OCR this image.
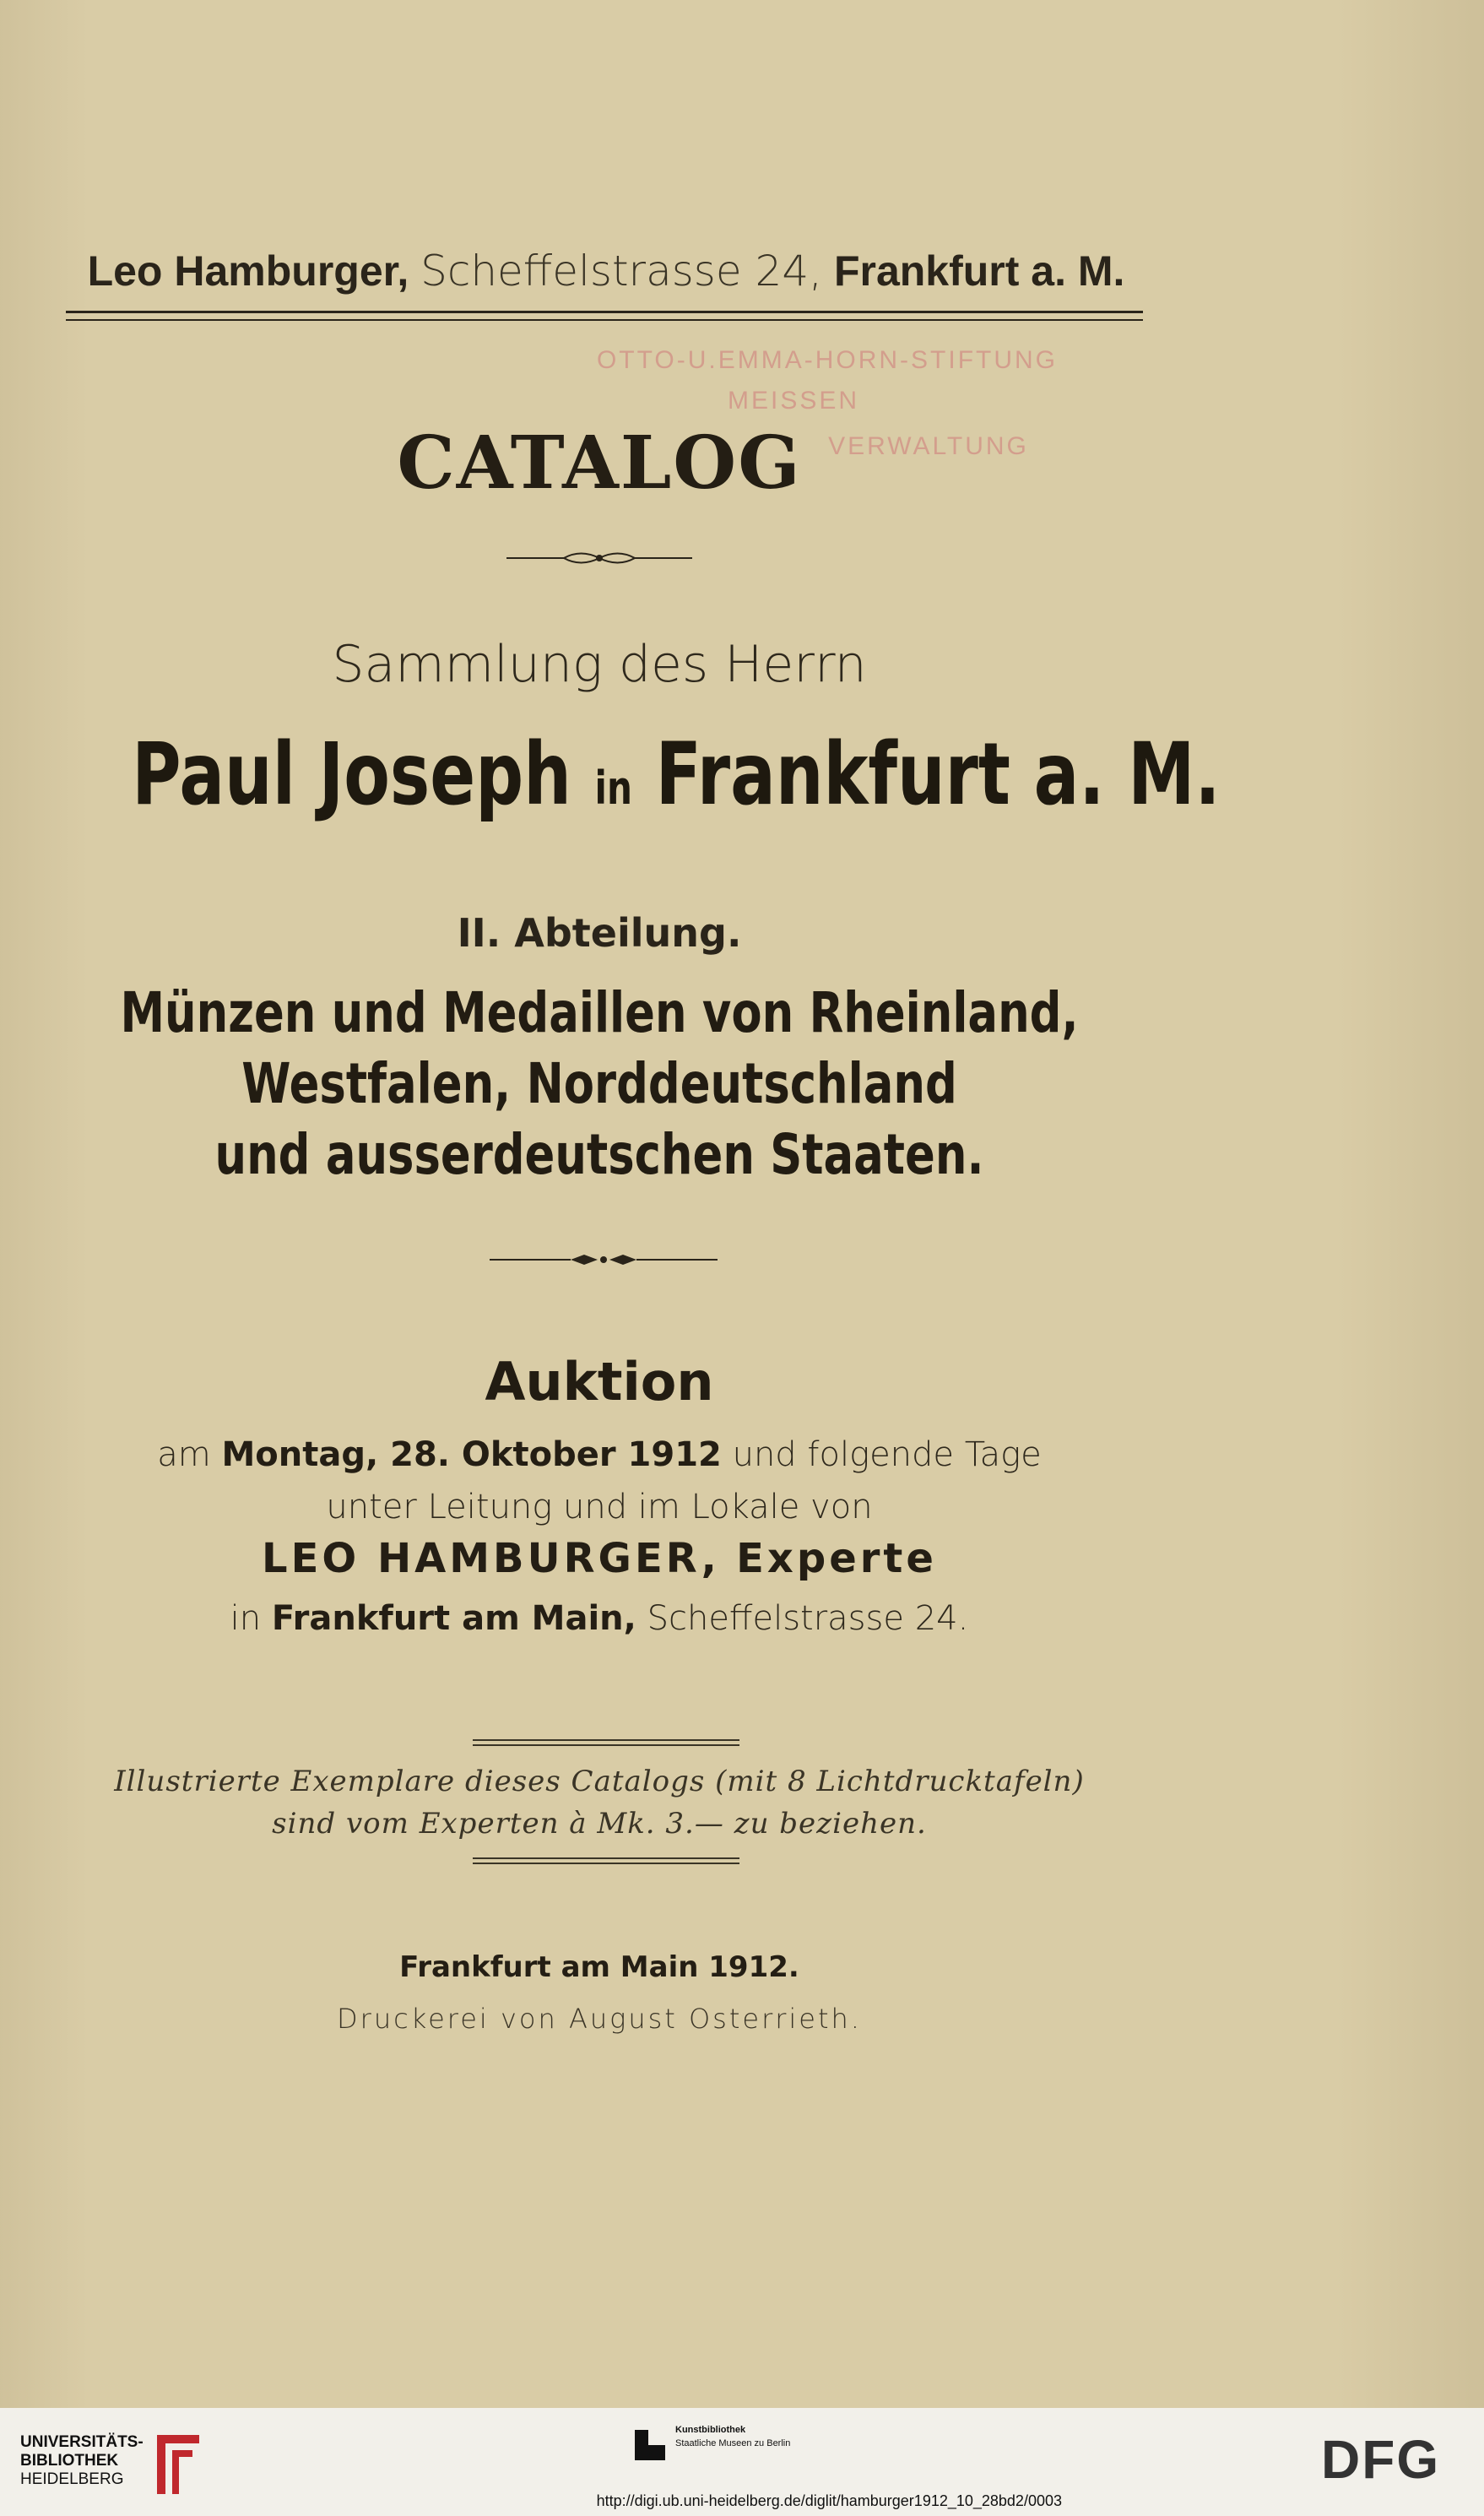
Leo Hamburger, Scheffelstrasse 24, Frankfurt a. M.
OTTO-U.EMMA-HORN-STIFTUNG
MEISSEN
VERWALTUNG
CATALOG
Sammlung des Herrn
Paul Joseph in Frankfurt a. M.
II. Abteilung.
Münzen und Medaillen von Rheinland,
Westfalen, Norddeutschland
und ausserdeutschen Staaten.
Auktion
am Montag, 28. Oktober 1912 und folgende Tage
unter Leitung und im Lokale von
LEO HAMBURGER, Experte
in Frankfurt am Main, Scheffelstrasse 24.
Illustrierte Exemplare dieses Catalogs (mit 8 Lichtdrucktafeln)
sind vom Experten à Mk. 3.— zu beziehen.
Frankfurt am Main 1912.
Druckerei von August Osterrieth.
UNIVERSITÄTS-
BIBLIOTHEK
HEIDELBERG
Kunstbibliothek
Staatliche Museen zu Berlin	DFG
http://digi.ub.uni-heidelberg.de/diglit/hamburger1912_10_28bd2/0003
